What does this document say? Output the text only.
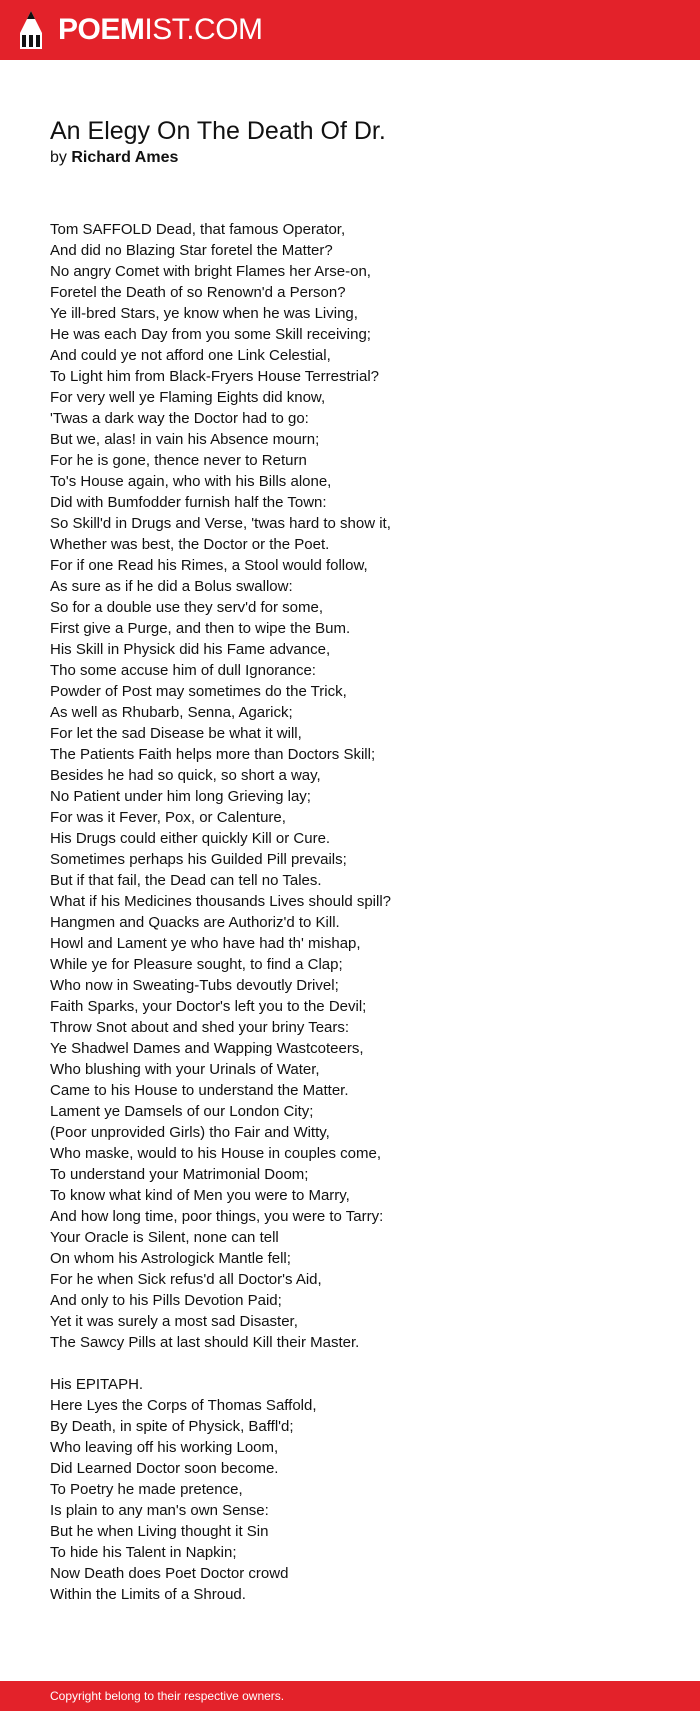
POEMIST.COM
An Elegy On The Death Of Dr.
by Richard Ames
Tom SAFFOLD Dead, that famous Operator,
And did no Blazing Star foretel the Matter?
No angry Comet with bright Flames her Arse-on,
Foretel the Death of so Renown'd a Person?
Ye ill-bred Stars, ye know when he was Living,
He was each Day from you some Skill receiving;
And could ye not afford one Link Celestial,
To Light him from Black-Fryers House Terrestrial?
For very well ye Flaming Eights did know,
'Twas a dark way the Doctor had to go:
But we, alas! in vain his Absence mourn;
For he is gone, thence never to Return
To's House again, who with his Bills alone,
Did with Bumfodder furnish half the Town:
So Skill'd in Drugs and Verse, 'twas hard to show it,
Whether was best, the Doctor or the Poet.
For if one Read his Rimes, a Stool would follow,
As sure as if he did a Bolus swallow:
So for a double use they serv'd for some,
First give a Purge, and then to wipe the Bum.
His Skill in Physick did his Fame advance,
Tho some accuse him of dull Ignorance:
Powder of Post may sometimes do the Trick,
As well as Rhubarb, Senna, Agarick;
For let the sad Disease be what it will,
The Patients Faith helps more than Doctors Skill;
Besides he had so quick, so short a way,
No Patient under him long Grieving lay;
For was it Fever, Pox, or Calenture,
His Drugs could either quickly Kill or Cure.
Sometimes perhaps his Guilded Pill prevails;
But if that fail, the Dead can tell no Tales.
What if his Medicines thousands Lives should spill?
Hangmen and Quacks are Authoriz'd to Kill.
Howl and Lament ye who have had th' mishap,
While ye for Pleasure sought, to find a Clap;
Who now in Sweating-Tubs devoutly Drivel;
Faith Sparks, your Doctor's left you to the Devil;
Throw Snot about and shed your briny Tears:
Ye Shadwel Dames and Wapping Wastcoteers,
Who blushing with your Urinals of Water,
Came to his House to understand the Matter.
Lament ye Damsels of our London City;
(Poor unprovided Girls) tho Fair and Witty,
Who maske, would to his House in couples come,
To understand your Matrimonial Doom;
To know what kind of Men you were to Marry,
And how long time, poor things, you were to Tarry:
Your Oracle is Silent, none can tell
On whom his Astrologick Mantle fell;
For he when Sick refus'd all Doctor's Aid,
And only to his Pills Devotion Paid;
Yet it was surely a most sad Disaster,
The Sawcy Pills at last should Kill their Master.
His EPITAPH.
Here Lyes the Corps of Thomas Saffold,
By Death, in spite of Physick, Baffl'd;
Who leaving off his working Loom,
Did Learned Doctor soon become.
To Poetry he made pretence,
Is plain to any man's own Sense:
But he when Living thought it Sin
To hide his Talent in Napkin;
Now Death does Poet Doctor crowd
Within the Limits of a Shroud.
Copyright belong to their respective owners.
